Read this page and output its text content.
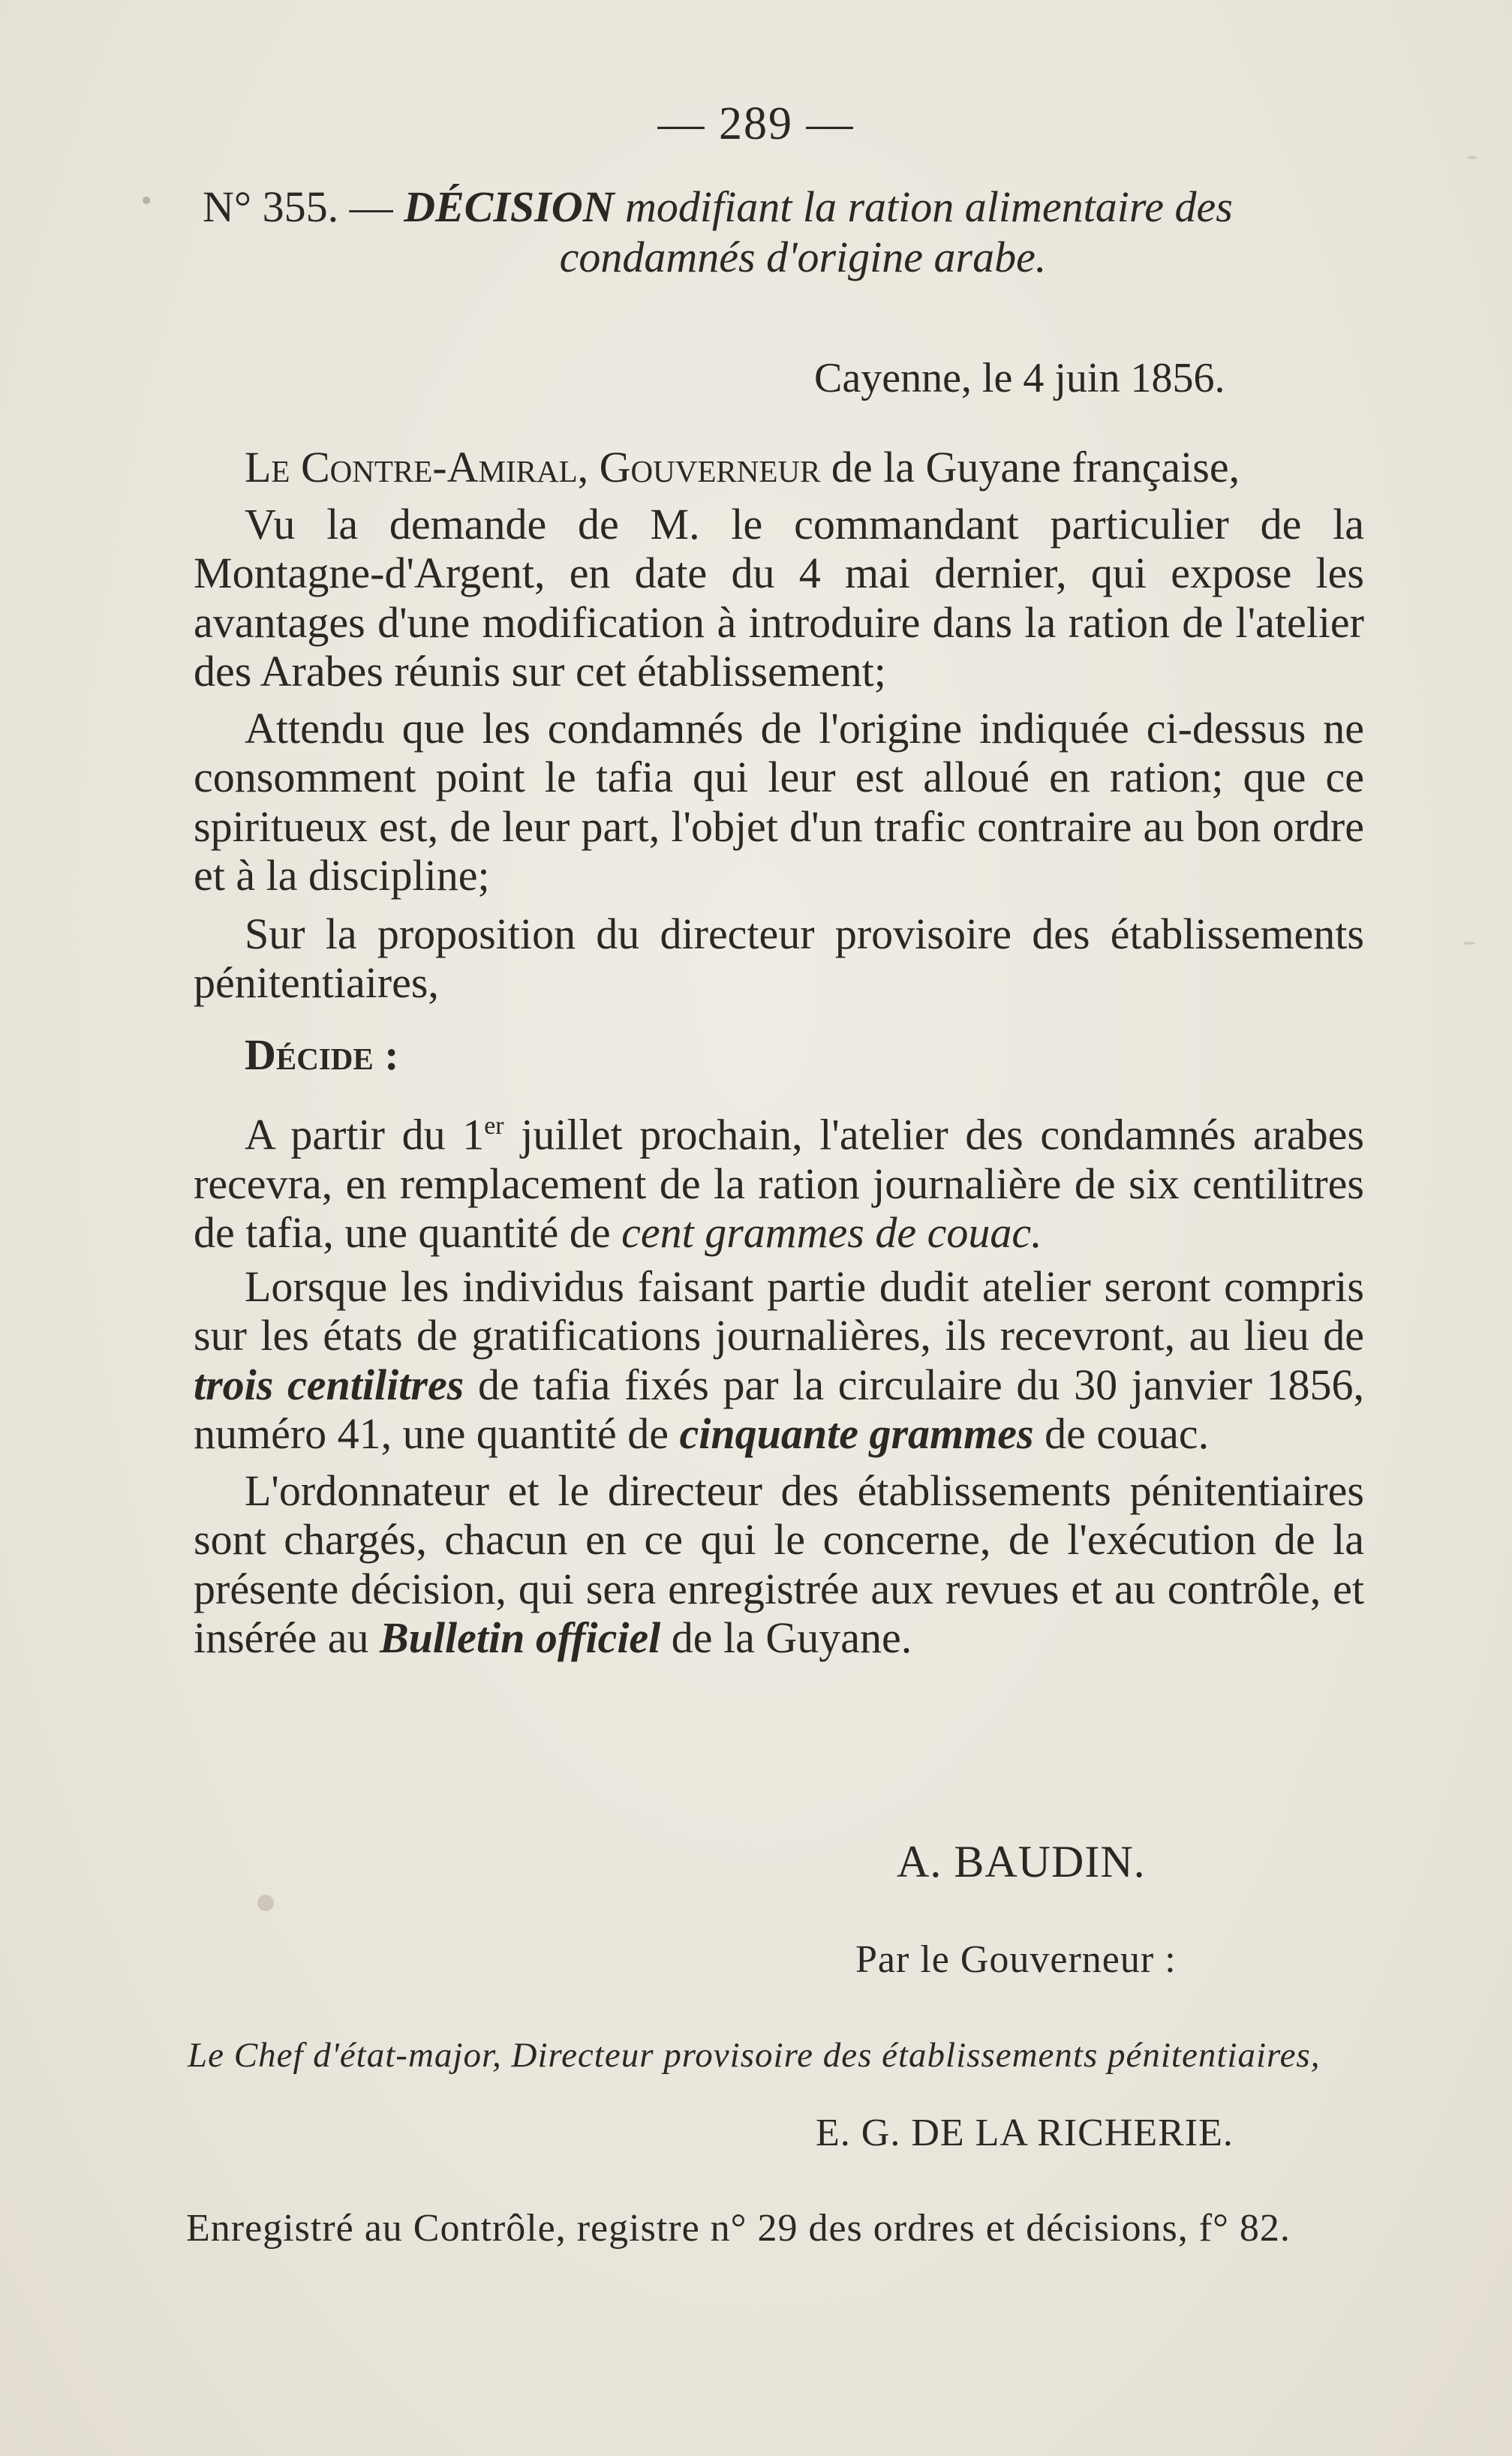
— 289 —
N° 355. — DÉCISION modifiant la ration alimentaire des
condamnés d'origine arabe.
Cayenne, le 4 juin 1856.

Le Contre-Amiral, Gouverneur de la Guyane française,

Vu la demande de M. le commandant particulier de la Montagne-d'Argent, en date du 4 mai dernier, qui expose les avantages d'une modification à introduire dans la ration de l'atelier des Arabes réunis sur cet établissement;

Attendu que les condamnés de l'origine indiquée ci-dessus ne consomment point le tafia qui leur est alloué en ration; que ce spiritueux est, de leur part, l'objet d'un trafic contraire au bon ordre et à la discipline;

Sur la proposition du directeur provisoire des établissements pénitentiaires,

Décide :

A partir du 1er juillet prochain, l'atelier des condamnés arabes recevra, en remplacement de la ration journalière de six centilitres de tafia, une quantité de cent grammes de couac.

Lorsque les individus faisant partie dudit atelier seront compris sur les états de gratifications journalières, ils recevront, au lieu de trois centilitres de tafia fixés par la circulaire du 30 janvier 1856, numéro 41, une quantité de cinquante grammes de couac.

L'ordonnateur et le directeur des établissements pénitentiaires sont chargés, chacun en ce qui le concerne, de l'exécution de la présente décision, qui sera enregistrée aux revues et au contrôle, et insérée au Bulletin officiel de la Guyane.

A. BAUDIN.
Par le Gouverneur :
Le Chef d'état-major, Directeur provisoire des établissements pénitentiaires,
E. G. DE LA RICHERIE.
Enregistré au Contrôle, registre n° 29 des ordres et décisions, f° 82.
